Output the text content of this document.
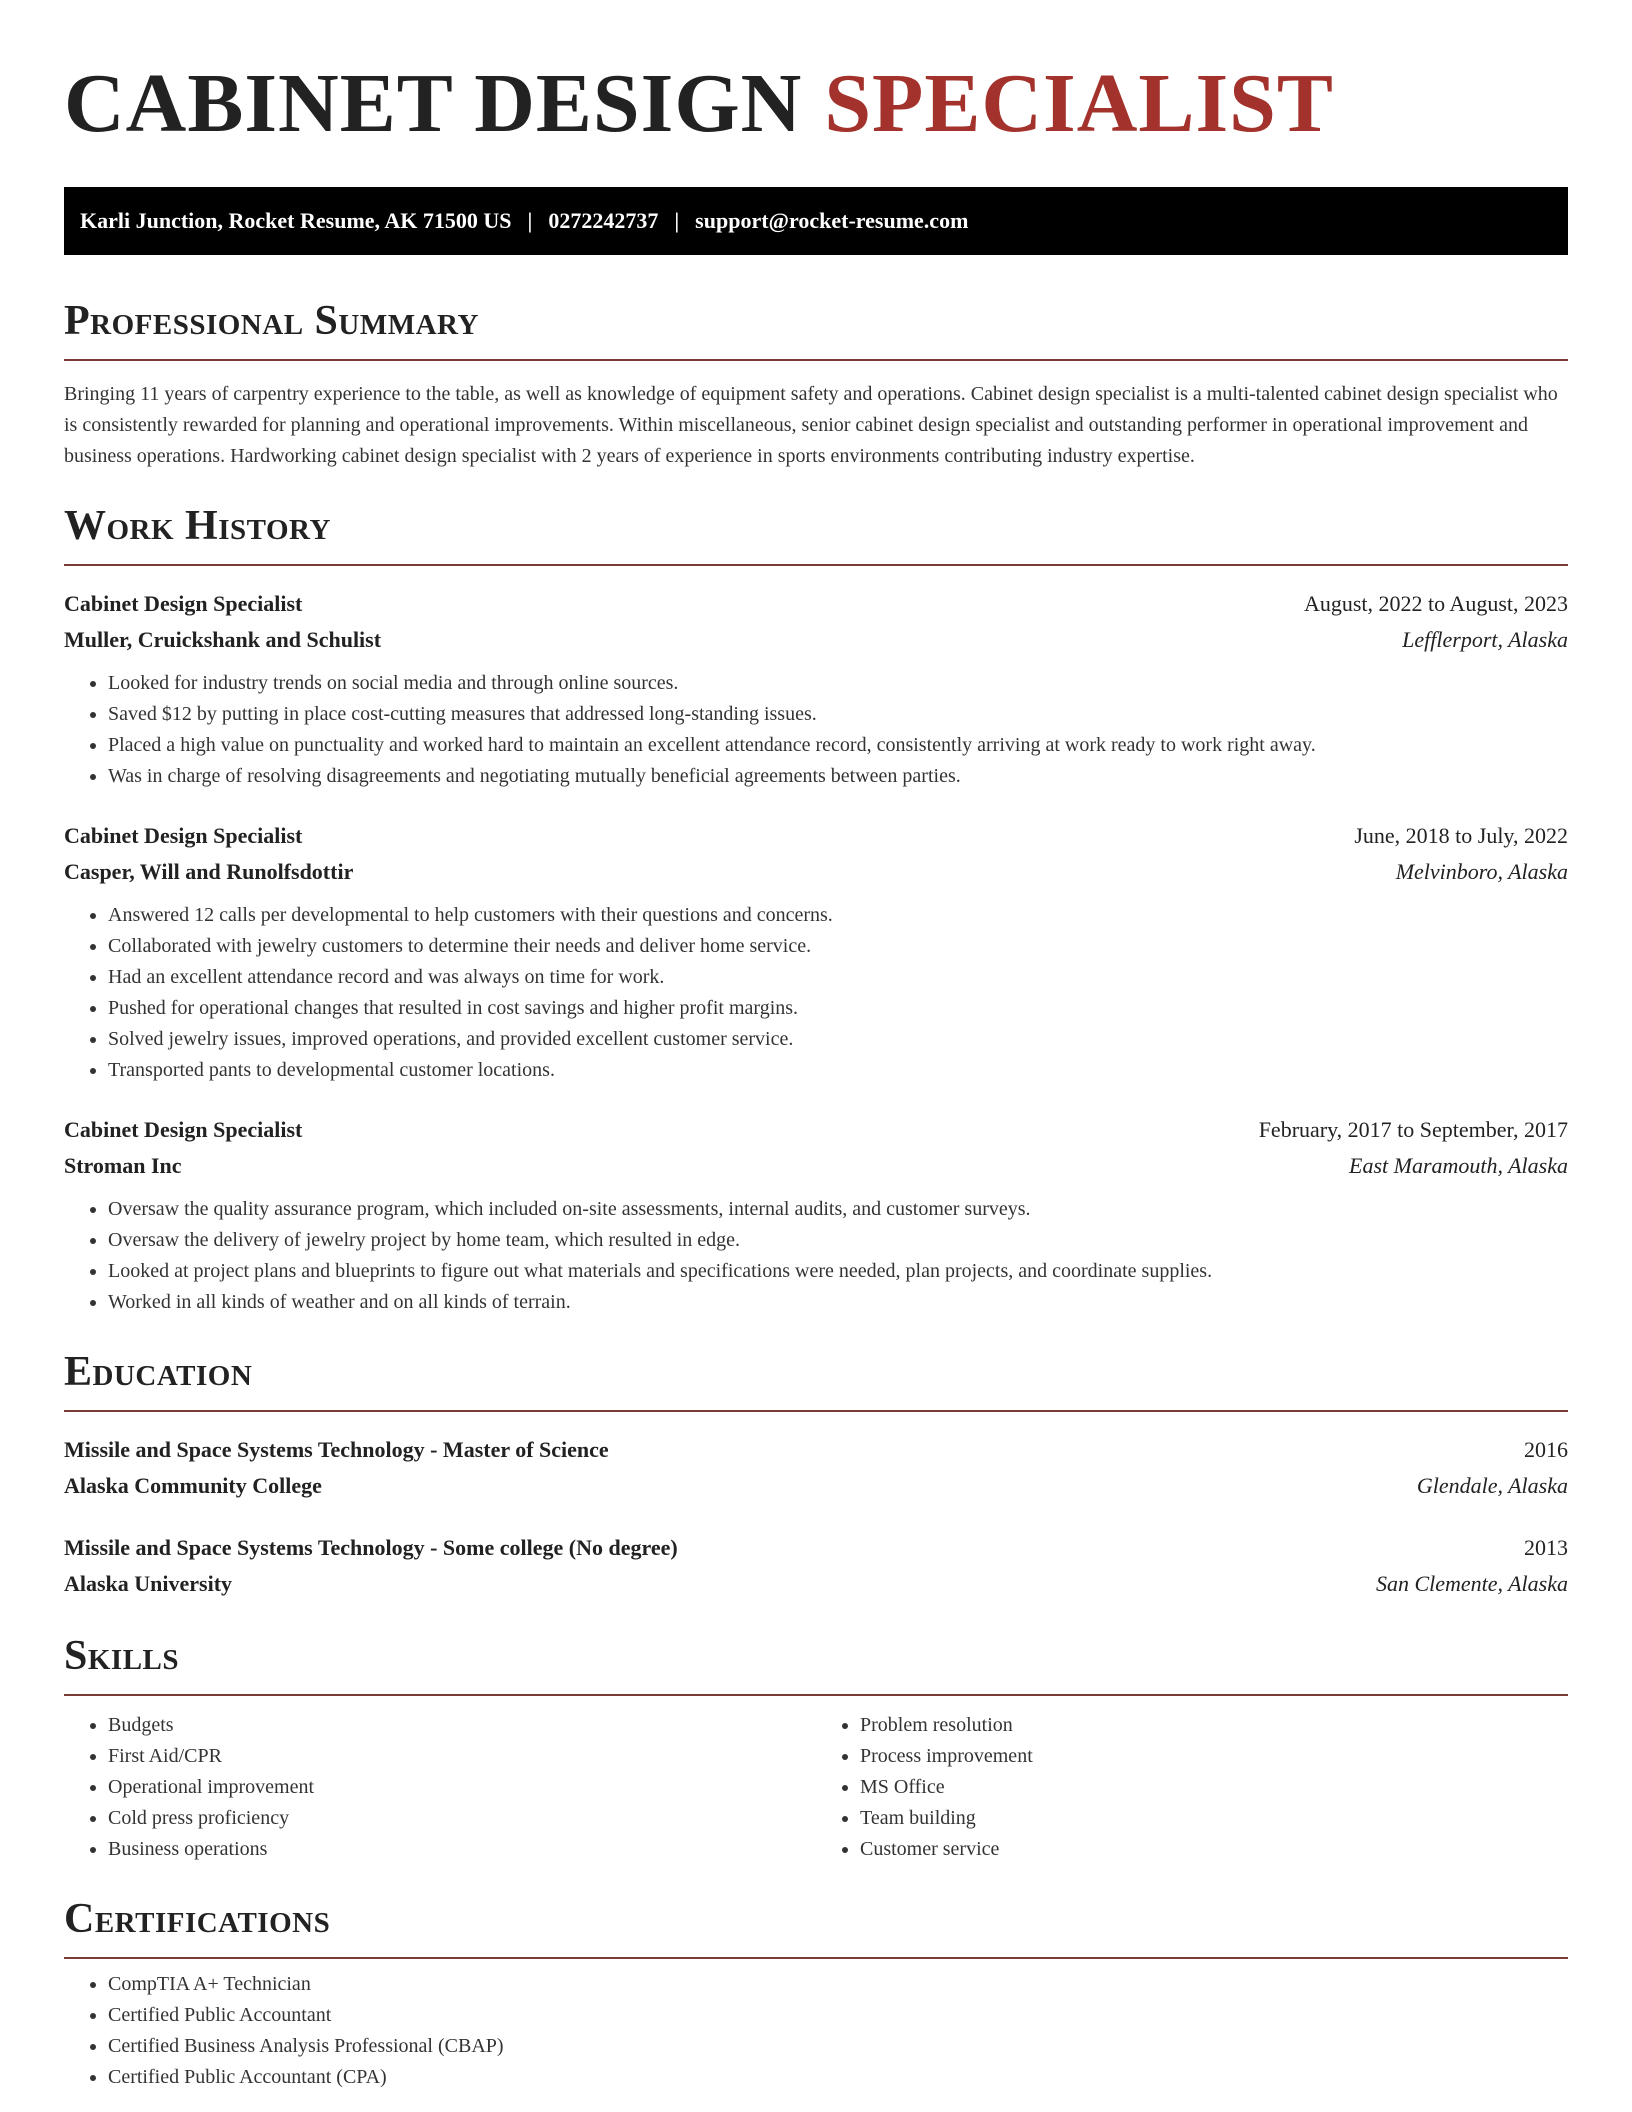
CABINET DESIGN SPECIALIST
Karli Junction, Rocket Resume, AK 71500 US | 0272242737 | support@rocket-resume.com
Professional Summary

Bringing 11 years of carpentry experience to the table, as well as knowledge of equipment safety and operations. Cabinet design specialist is a multi-talented cabinet design specialist who is consistently rewarded for planning and operational improvements. Within miscellaneous, senior cabinet design specialist and outstanding performer in operational improvement and business operations. Hardworking cabinet design specialist with 2 years of experience in sports environments contributing industry expertise.

Work History
Cabinet Design Specialist	August, 2022 to August, 2023
Muller, Cruickshank and Schulist	Lefflerport, Alaska
• Looked for industry trends on social media and through online sources.
• Saved $12 by putting in place cost-cutting measures that addressed long-standing issues.
• Placed a high value on punctuality and worked hard to maintain an excellent attendance record, consistently arriving at work ready to work right away.
• Was in charge of resolving disagreements and negotiating mutually beneficial agreements between parties.
Cabinet Design Specialist	June, 2018 to July, 2022
Casper, Will and Runolfsdottir	Melvinboro, Alaska
• Answered 12 calls per developmental to help customers with their questions and concerns.
• Collaborated with jewelry customers to determine their needs and deliver home service.
• Had an excellent attendance record and was always on time for work.
• Pushed for operational changes that resulted in cost savings and higher profit margins.
• Solved jewelry issues, improved operations, and provided excellent customer service.
• Transported pants to developmental customer locations.
Cabinet Design Specialist	February, 2017 to September, 2017
Stroman Inc	East Maramouth, Alaska
• Oversaw the quality assurance program, which included on-site assessments, internal audits, and customer surveys.
• Oversaw the delivery of jewelry project by home team, which resulted in edge.
• Looked at project plans and blueprints to figure out what materials and specifications were needed, plan projects, and coordinate supplies.
• Worked in all kinds of weather and on all kinds of terrain.
Education
Missile and Space Systems Technology - Master of Science	2016
Alaska Community College	Glendale, Alaska
Missile and Space Systems Technology - Some college (No degree)	2013
Alaska University	San Clemente, Alaska
Skills
• Budgets
• First Aid/CPR
• Operational improvement
• Cold press proficiency
• Business operations
• Problem resolution
• Process improvement
• MS Office
• Team building
• Customer service
Certifications
• CompTIA A+ Technician
• Certified Public Accountant
• Certified Business Analysis Professional (CBAP)
• Certified Public Accountant (CPA)
